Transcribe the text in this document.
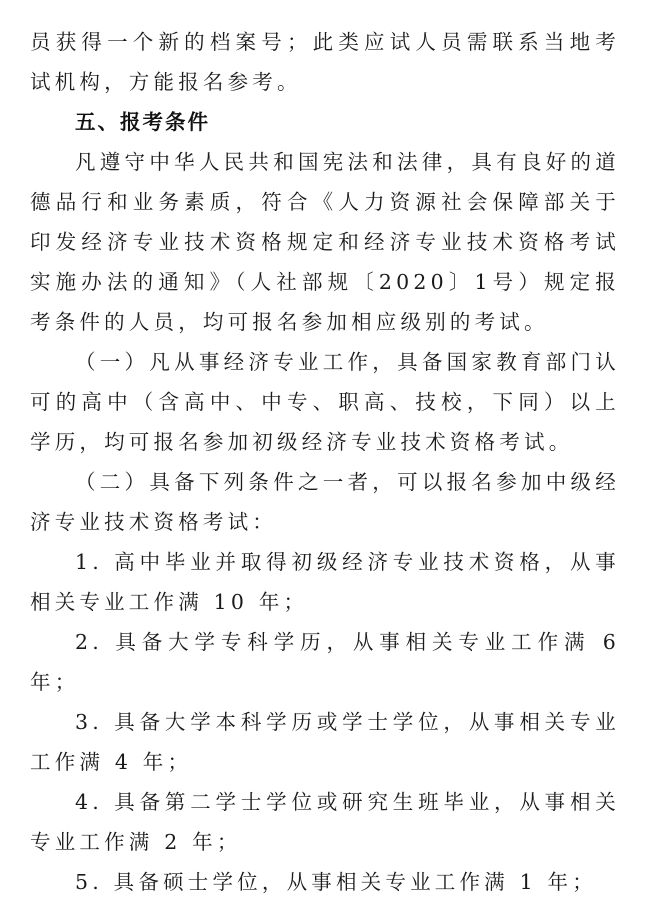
员获得一个新的档案号；此类应试人员需联系当地考试机构，方能报名参考。

五、报考条件

凡遵守中华人民共和国宪法和法律，具有良好的道德品行和业务素质，符合《人力资源社会保障部关于印发经济专业技术资格规定和经济专业技术资格考试实施办法的通知》（人社部规〔2020〕1号）规定报考条件的人员，均可报名参加相应级别的考试。

（一）凡从事经济专业工作，具备国家教育部门认可的高中（含高中、中专、职高、技校，下同）以上学历，均可报名参加初级经济专业技术资格考试。

（二）具备下列条件之一者，可以报名参加中级经济专业技术资格考试：

1. 高中毕业并取得初级经济专业技术资格，从事相关专业工作满 10 年；

2. 具备大学专科学历，从事相关专业工作满 6 年；

3. 具备大学本科学历或学士学位，从事相关专业工作满 4 年；

4. 具备第二学士学位或研究生班毕业，从事相关专业工作满 2 年；

5. 具备硕士学位，从事相关专业工作满 1 年；
